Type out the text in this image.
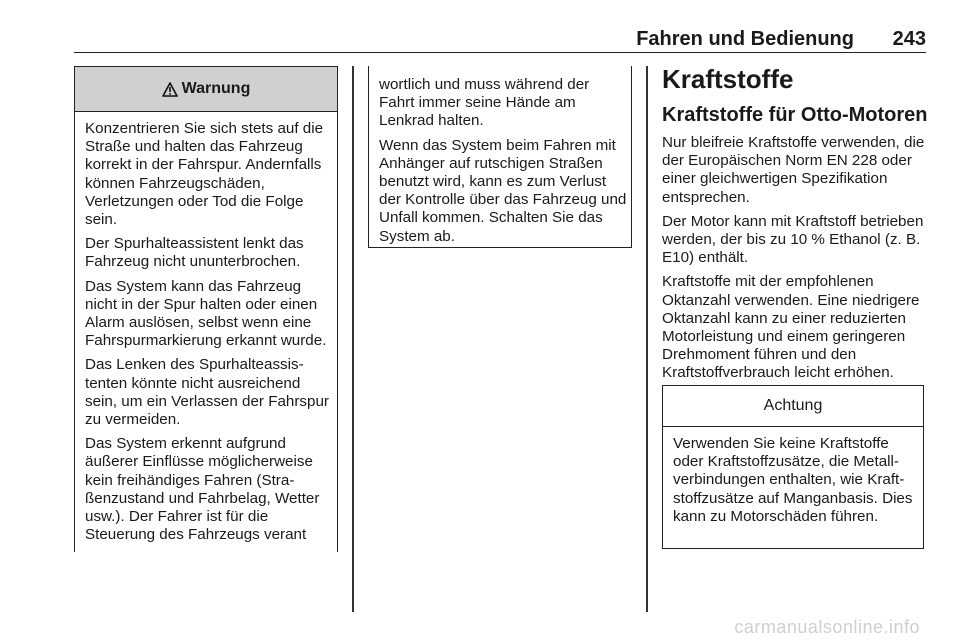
Fahren und Bedienung 243
Warnung

Konzentrieren Sie sich stets auf die Straße und halten das Fahrzeug korrekt in der Fahrspur. Andernfalls können Fahrzeugschäden, Verletzungen oder Tod die Folge sein.

Der Spurhalteassistent lenkt das Fahrzeug nicht ununterbrochen.

Das System kann das Fahrzeug nicht in der Spur halten oder einen Alarm auslösen, selbst wenn eine Fahrspurmarkierung erkannt wurde.

Das Lenken des Spurhalteassistenten könnte nicht ausreichend sein, um ein Verlassen der Fahrspur zu vermeiden.

Das System erkennt aufgrund äußerer Einflüsse möglicherweise kein freihändiges Fahren (Straßenzustand und Fahrbelag, Wetter usw.). Der Fahrer ist für die Steuerung des Fahrzeugs verant

wortlich und muss während der Fahrt immer seine Hände am Lenkrad halten.

Wenn das System beim Fahren mit Anhänger auf rutschigen Straßen benutzt wird, kann es zum Verlust der Kontrolle über das Fahrzeug und Unfall kommen. Schalten Sie das System ab.

Kraftstoffe
Kraftstoffe für Otto-Motoren

Nur bleifreie Kraftstoffe verwenden, die der Europäischen Norm EN 228 oder einer gleichwertigen Spezifikation entsprechen.

Der Motor kann mit Kraftstoff betrieben werden, der bis zu 10 % Ethanol (z. B. E10) enthält.

Kraftstoffe mit der empfohlenen Oktanzahl verwenden. Eine niedrigere Oktanzahl kann zu einer reduzierten Motorleistung und einem geringeren Drehmoment führen und den Kraftstoffverbrauch leicht erhöhen.

Achtung

Verwenden Sie keine Kraftstoffe oder Kraftstoffzusätze, die Metallverbindungen enthalten, wie Kraftstoffzusätze auf Manganbasis. Dies kann zu Motorschäden führen.

carmanualsonline.info
